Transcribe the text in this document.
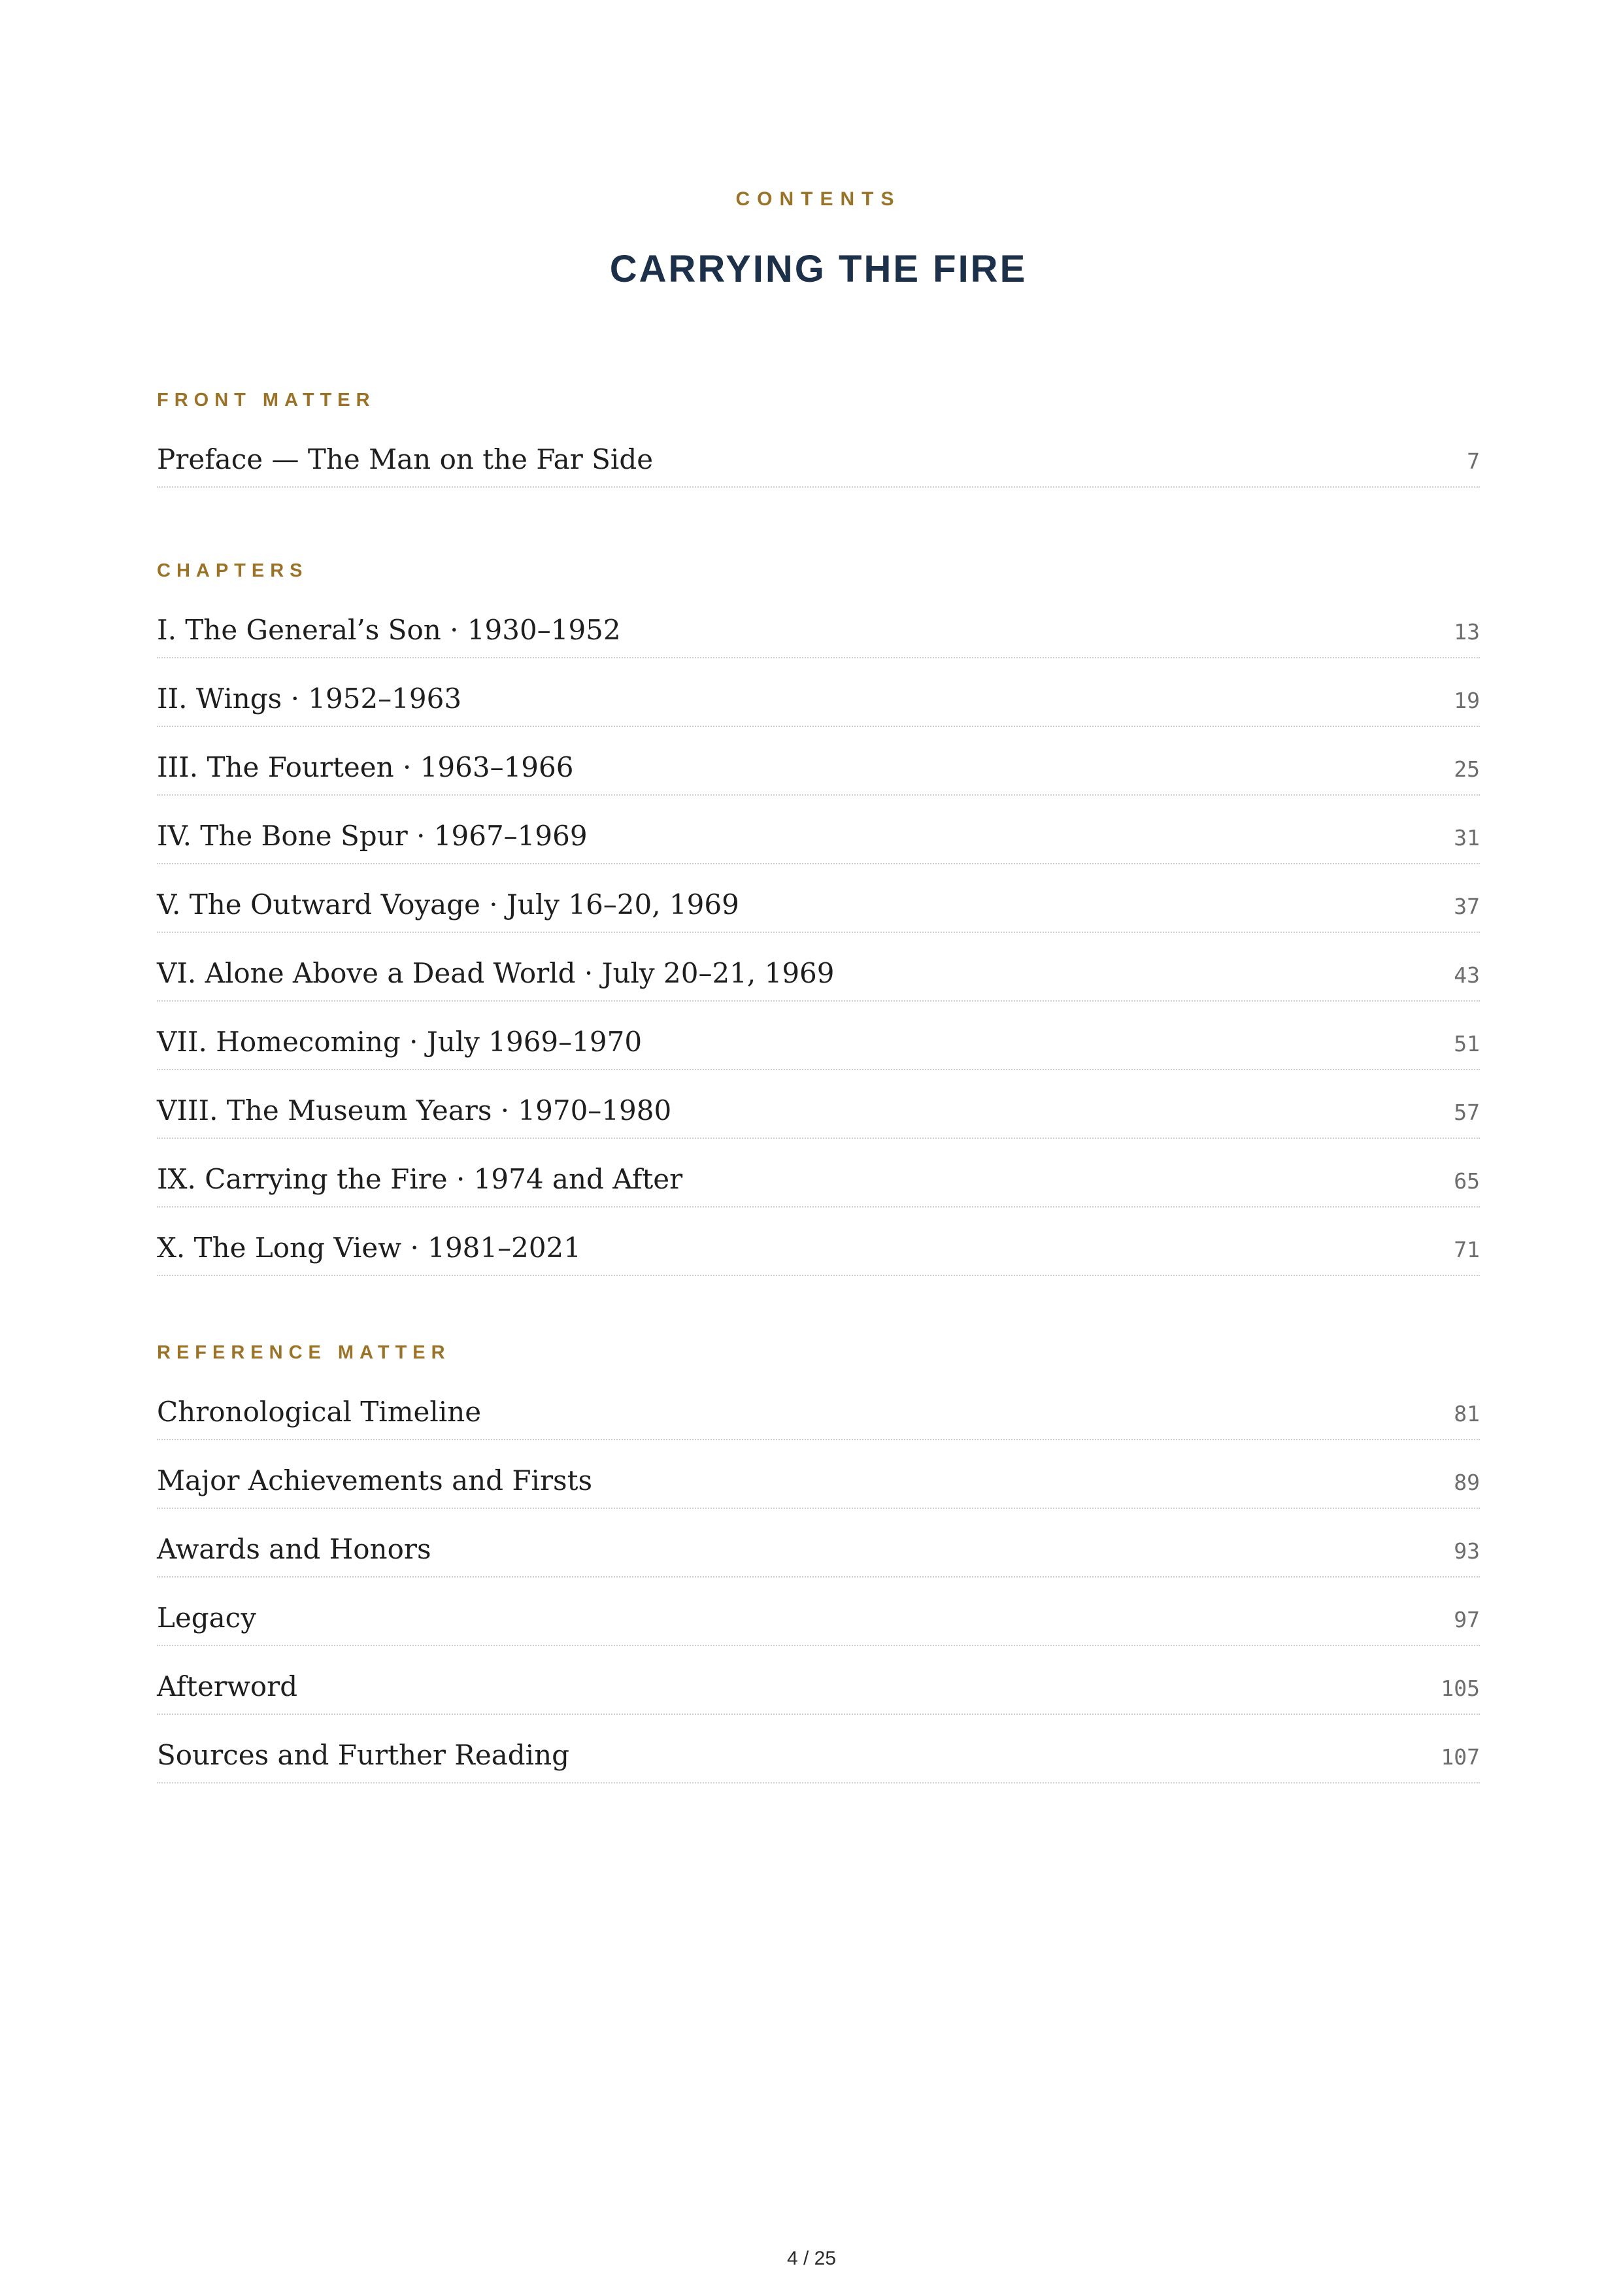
CONTENTS
CARRYING THE FIRE
FRONT MATTER
Preface — The Man on the Far Side	7
CHAPTERS
I. The General’s Son · 1930–1952	13
II. Wings · 1952–1963	19
III. The Fourteen · 1963–1966	25
IV. The Bone Spur · 1967–1969	31
V. The Outward Voyage · July 16–20, 1969	37
VI. Alone Above a Dead World · July 20–21, 1969	43
VII. Homecoming · July 1969–1970	51
VIII. The Museum Years · 1970–1980	57
IX. Carrying the Fire · 1974 and After	65
X. The Long View · 1981–2021	71
REFERENCE MATTER
Chronological Timeline	81
Major Achievements and Firsts	89
Awards and Honors	93
Legacy	97
Afterword	105
Sources and Further Reading	107
4 / 25
